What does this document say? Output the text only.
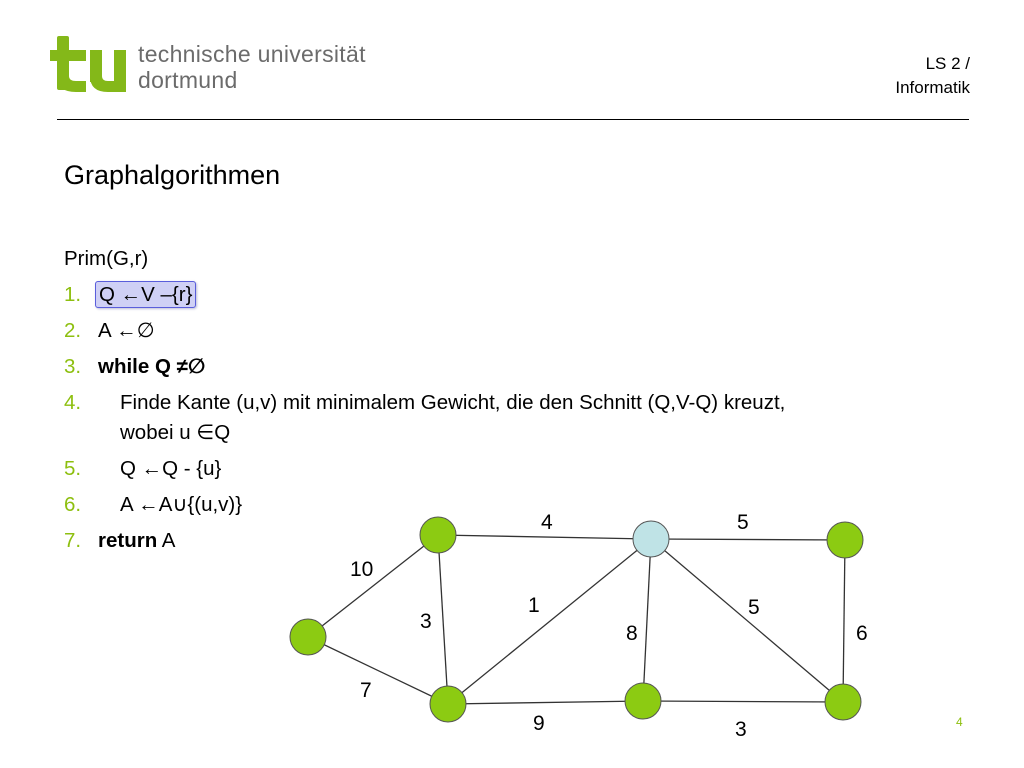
technische universität
dortmund
LS 2 /
Informatik
Graphalgorithmen
Prim(G,r)
1. Q ←V –{r}
2. A ←∅
3. while Q ≠∅
4.	Finde Kante (u,v) mit minimalem Gewicht, die den Schnitt (Q,V-Q) kreuzt,
wobei u ∈Q
5.	Q ←Q - {u}
6.	A ←A∪{(u,v)}
7. return A
10
7
4
3
1
9
8
5
5
3
6
4
